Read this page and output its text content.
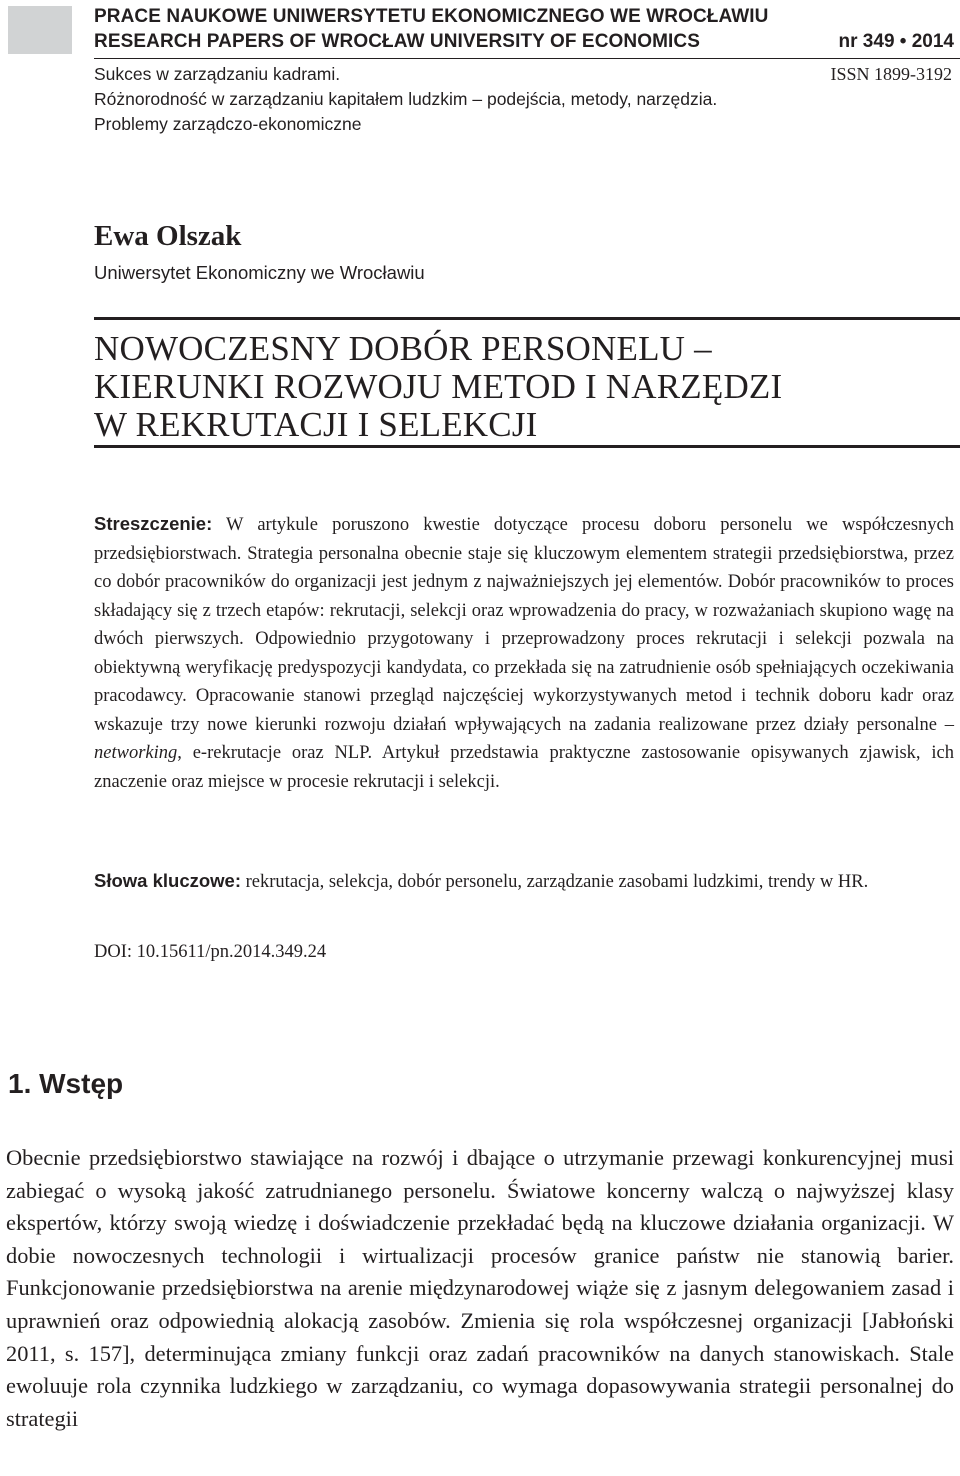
PRACE NAUKOWE UNIWERSYTETU EKONOMICZNEGO WE WROCŁAWIU
RESEARCH PAPERS OF WROCŁAW UNIVERSITY OF ECONOMICS	nr 349 • 2014
Sukces w zarządzaniu kadrami.
Różnorodność w zarządzaniu kapitałem ludzkim – podejścia, metody, narzędzia.
Problemy zarządczo-ekonomiczne
ISSN 1899-3192
Ewa Olszak
Uniwersytet Ekonomiczny we Wrocławiu
NOWOCZESNY DOBÓR PERSONELU –
KIERUNKI ROZWOJU METOD I NARZĘDZI
W REKRUTACJI I SELEKCJI
Streszczenie: W artykule poruszono kwestie dotyczące procesu doboru personelu we współczesnych przedsiębiorstwach. Strategia personalna obecnie staje się kluczowym elementem strategii przedsiębiorstwa, przez co dobór pracowników do organizacji jest jednym z najważniejszych jej elementów. Dobór pracowników to proces składający się z trzech etapów: rekrutacji, selekcji oraz wprowadzenia do pracy, w rozważaniach skupiono wagę na dwóch pierwszych. Odpowiednio przygotowany i przeprowadzony proces rekrutacji i selekcji pozwala na obiektywną weryfikację predyspozycji kandydata, co przekłada się na zatrudnienie osób spełniających oczekiwania pracodawcy. Opracowanie stanowi przegląd najczęściej wykorzystywanych metod i technik doboru kadr oraz wskazuje trzy nowe kierunki rozwoju działań wpływających na zadania realizowane przez działy personalne – networking, e-rekrutacje oraz NLP. Artykuł przedstawia praktyczne zastosowanie opisywanych zjawisk, ich znaczenie oraz miejsce w procesie rekrutacji i selekcji.
Słowa kluczowe: rekrutacja, selekcja, dobór personelu, zarządzanie zasobami ludzkimi, trendy w HR.
DOI: 10.15611/pn.2014.349.24
1. Wstęp
Obecnie przedsiębiorstwo stawiające na rozwój i dbające o utrzymanie przewagi konkurencyjnej musi zabiegać o wysoką jakość zatrudnianego personelu. Światowe koncerny walczą o najwyższej klasy ekspertów, którzy swoją wiedzę i doświadczenie przekładać będą na kluczowe działania organizacji. W dobie nowoczesnych technologii i wirtualizacji procesów granice państw nie stanowią barier. Funkcjonowanie przedsiębiorstwa na arenie międzynarodowej wiąże się z jasnym delegowaniem zasad i uprawnień oraz odpowiednią alokacją zasobów. Zmienia się rola współczesnej organizacji [Jabłoński 2011, s. 157], determinująca zmiany funkcji oraz zadań pracowników na danych stanowiskach. Stale ewoluuje rola czynnika ludzkiego w zarządzaniu, co wymaga dopasowywania strategii personalnej do strategii
